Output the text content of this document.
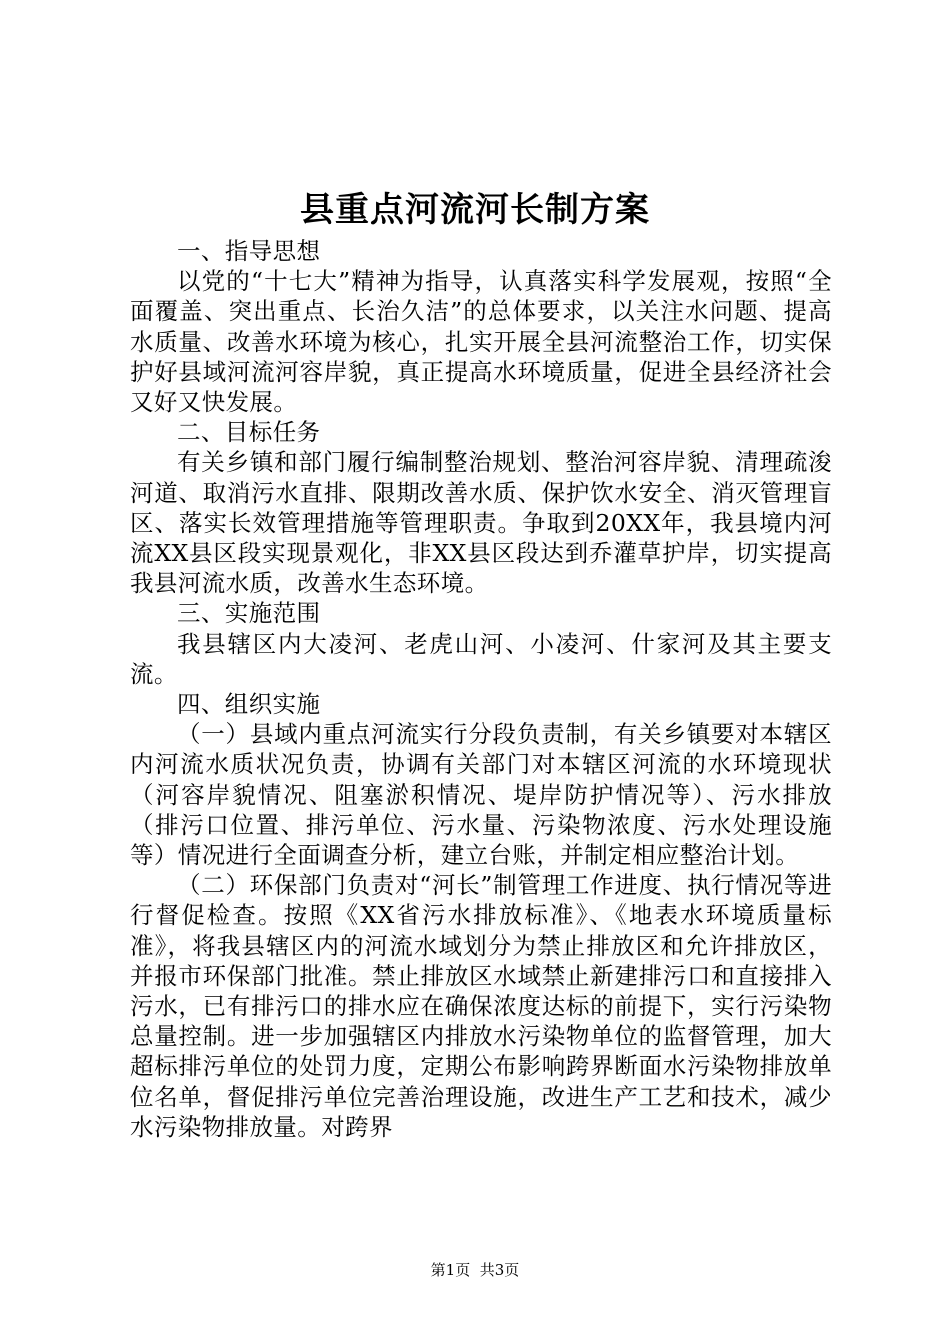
县重点河流河长制方案

一、指导思想

以党的“十七大”精神为指导，认真落实科学发展观，按照“全面覆盖、突出重点、长治久洁”的总体要求，以关注水问题、提高水质量、改善水环境为核心，扎实开展全县河流整治工作，切实保护好县域河流河容岸貌，真正提高水环境质量，促进全县经济社会又好又快发展。

二、目标任务

有关乡镇和部门履行编制整治规划、整治河容岸貌、清理疏浚河道、取消污水直排、限期改善水质、保护饮水安全、消灭管理盲区、落实长效管理措施等管理职责。争取到20XX年，我县境内河流XX县区段实现景观化，非XX县区段达到乔灌草护岸，切实提高我县河流水质，改善水生态环境。

三、实施范围

我县辖区内大凌河、老虎山河、小凌河、什家河及其主要支流。

四、组织实施

（一）县域内重点河流实行分段负责制，有关乡镇要对本辖区内河流水质状况负责，协调有关部门对本辖区河流的水环境现状（河容岸貌情况、阻塞淤积情况、堤岸防护情况等）、污水排放（排污口位置、排污单位、污水量、污染物浓度、污水处理设施等）情况进行全面调查分析，建立台账，并制定相应整治计划。

（二）环保部门负责对“河长”制管理工作进度、执行情况等进行督促检查。按照《XX省污水排放标准》、《地表水环境质量标准》，将我县辖区内的河流水域划分为禁止排放区和允许排放区，并报市环保部门批准。禁止排放区水域禁止新建排污口和直接排入污水，已有排污口的排水应在确保浓度达标的前提下，实行污染物总量控制。进一步加强辖区内排放水污染物单位的监督管理，加大超标排污单位的处罚力度，定期公布影响跨界断面水污染物排放单位名单，督促排污单位完善治理设施，改进生产工艺和技术，减少水污染物排放量。对跨界

第1页 共3页
